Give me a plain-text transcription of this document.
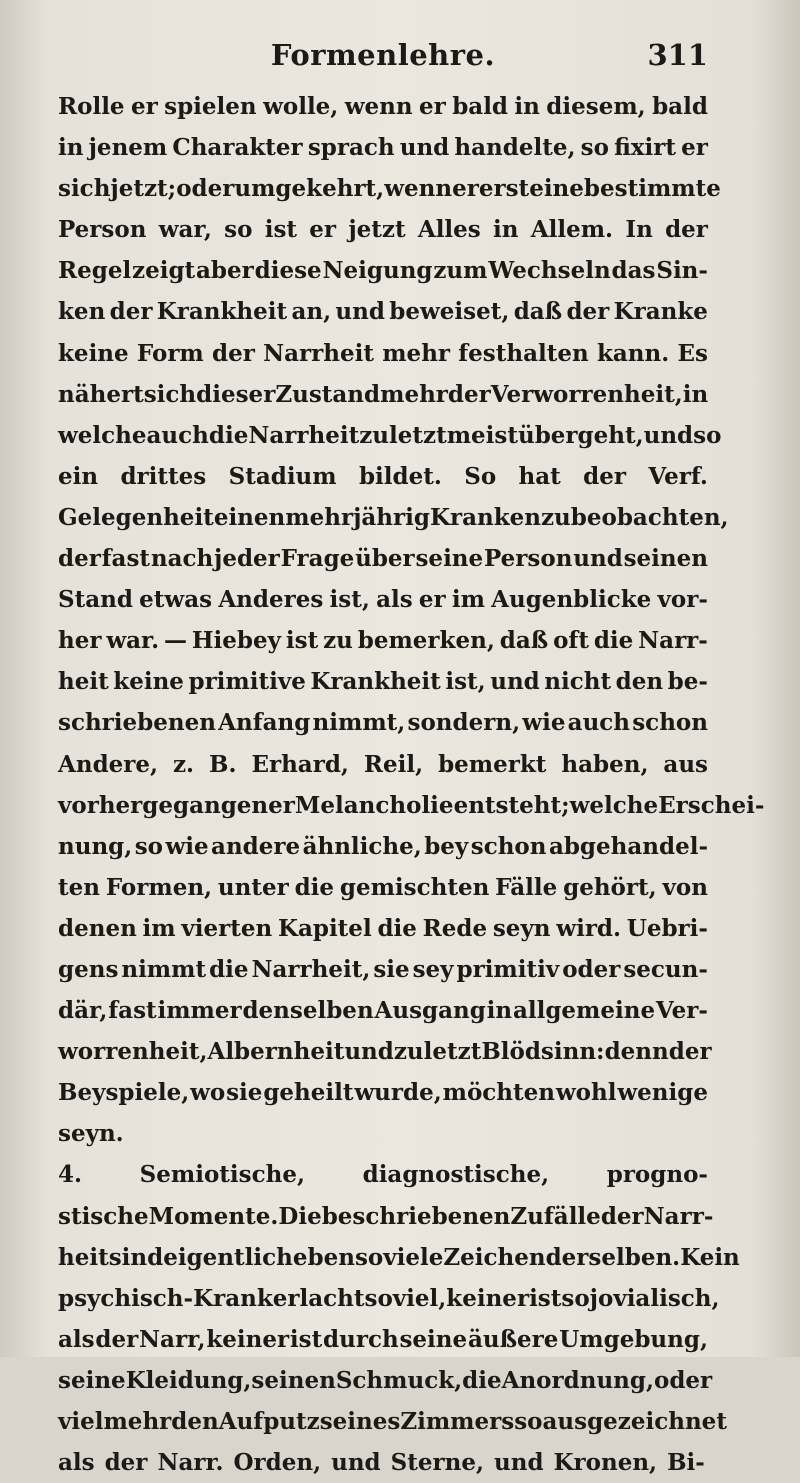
Formenlehre.	311
Rolle er spielen wolle, wenn er bald in diesem, bald
in jenem Charakter sprach und handelte, so fixirt er
sich jetzt; oder umgekehrt, wenn er erst eine bestimmte
Person war, so ist er jetzt Alles in Allem. In der
Regel zeigt aber diese Neigung zum Wechseln das Sin-
ken der Krankheit an, und beweiset, daß der Kranke
keine Form der Narrheit mehr festhalten kann. Es
nähert sich dieser Zustand mehr der Verworrenheit, in
welche auch die Narrheit zuletzt meist übergeht, und so
ein drittes Stadium bildet. So hat der Verf.
Gelegenheit einen mehrjährig Kranken zu beobachten,
der fast nach jeder Frage über seine Person und seinen
Stand etwas Anderes ist, als er im Augenblicke vor-
her war. — Hiebey ist zu bemerken, daß oft die Narr-
heit keine primitive Krankheit ist, und nicht den be-
schriebenen Anfang nimmt, sondern, wie auch schon
Andere, z. B. Erhard, Reil, bemerkt haben, aus
vorhergegangener Melancholie entsteht; welche Erschei-
nung, so wie andere ähnliche, bey schon abgehandel-
ten Formen, unter die gemischten Fälle gehört, von
denen im vierten Kapitel die Rede seyn wird. Uebri-
gens nimmt die Narrheit, sie sey primitiv oder secun-
där, fast immer denselben Ausgang in allgemeine Ver-
worrenheit, Albernheit und zuletzt Blödsinn: denn der
Beyspiele, wo sie geheilt wurde, möchten wohl wenige
seyn.
4.	Semiotische,	diagnostische,	progno-
stische Momente. Die beschriebenen Zufälle der Narr-
heit sind eigentlich eben so viele Zeichen derselben. Kein
psychisch-Kranker lacht so viel, keiner ist so jovialisch,
als der Narr, keiner ist durch seine äußere Umgebung,
seine Kleidung, seinen Schmuck, die Anordnung, oder
vielmehr den Aufputz seines Zimmers so ausgezeichnet
als der Narr. Orden, und Sterne, und Kronen, Bi-
